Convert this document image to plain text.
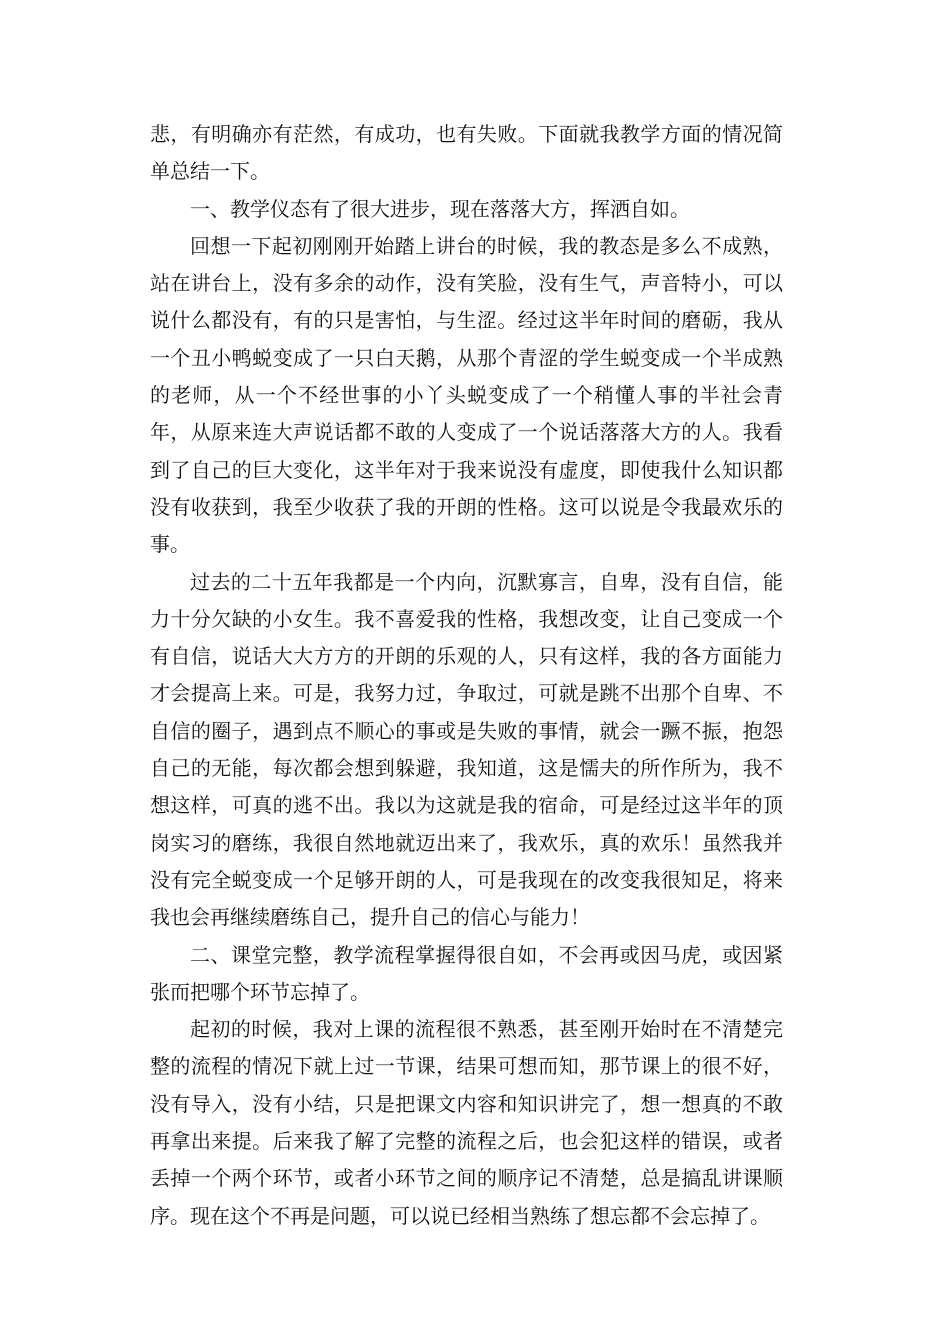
悲，有明确亦有茫然，有成功，也有失败。下面就我教学方面的情况简单总结一下。

一、教学仪态有了很大进步，现在落落大方，挥洒自如。

回想一下起初刚刚开始踏上讲台的时候，我的教态是多么不成熟，站在讲台上，没有多余的动作，没有笑脸，没有生气，声音特小，可以说什么都没有，有的只是害怕，与生涩。经过这半年时间的磨砺，我从一个丑小鸭蜕变成了一只白天鹅，从那个青涩的学生蜕变成一个半成熟的老师，从一个不经世事的小丫头蜕变成了一个稍懂人事的半社会青年，从原来连大声说话都不敢的人变成了一个说话落落大方的人。我看到了自己的巨大变化，这半年对于我来说没有虚度，即使我什么知识都没有收获到，我至少收获了我的开朗的性格。这可以说是令我最欢乐的事。

过去的二十五年我都是一个内向，沉默寡言，自卑，没有自信，能力十分欠缺的小女生。我不喜爱我的性格，我想改变，让自己变成一个有自信，说话大大方方的开朗的乐观的人，只有这样，我的各方面能力才会提高上来。可是，我努力过，争取过，可就是跳不出那个自卑、不自信的圈子，遇到点不顺心的事或是失败的事情，就会一蹶不振，抱怨自己的无能，每次都会想到躲避，我知道，这是懦夫的所作所为，我不想这样，可真的逃不出。我以为这就是我的宿命，可是经过这半年的顶岗实习的磨练，我很自然地就迈出来了，我欢乐，真的欢乐！虽然我并没有完全蜕变成一个足够开朗的人，可是我现在的改变我很知足，将来我也会再继续磨练自己，提升自己的信心与能力！

二、课堂完整，教学流程掌握得很自如，不会再或因马虎，或因紧张而把哪个环节忘掉了。

起初的时候，我对上课的流程很不熟悉，甚至刚开始时在不清楚完整的流程的情况下就上过一节课，结果可想而知，那节课上的很不好，没有导入，没有小结，只是把课文内容和知识讲完了，想一想真的不敢再拿出来提。后来我了解了完整的流程之后，也会犯这样的错误，或者丢掉一个两个环节，或者小环节之间的顺序记不清楚，总是搞乱讲课顺序。现在这个不再是问题，可以说已经相当熟练了想忘都不会忘掉了。
